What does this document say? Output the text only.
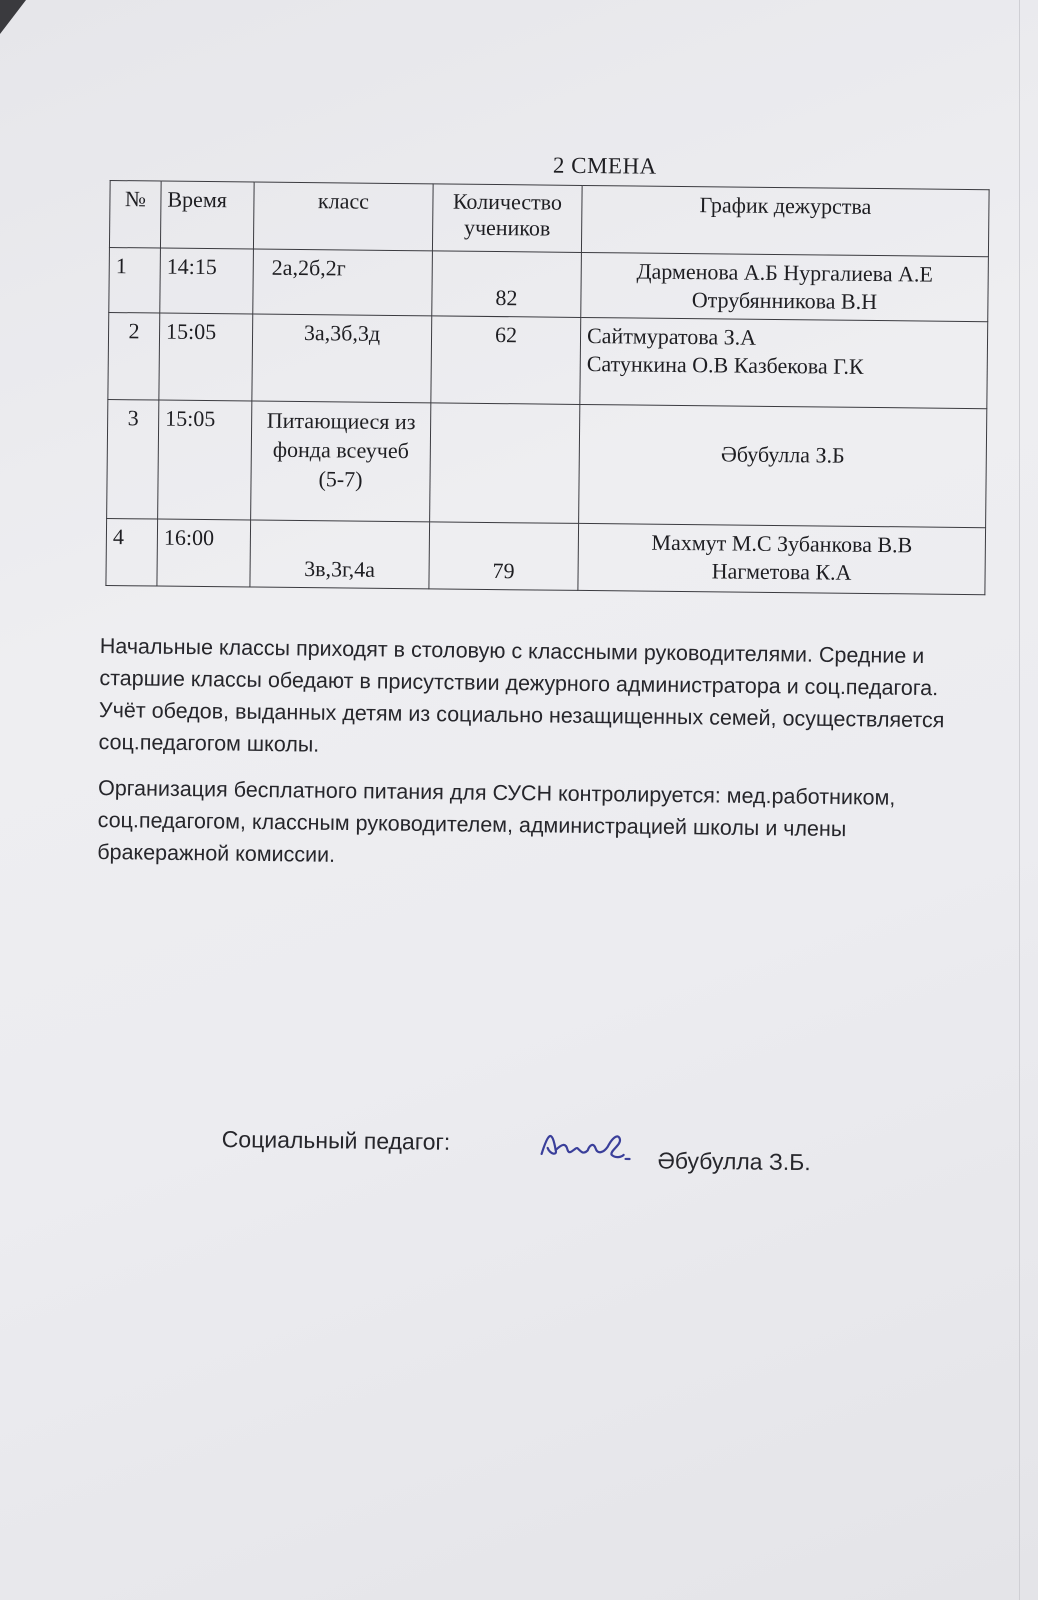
2 СМЕНА
№	Время	класс	Количество учеников	График дежурства
1	14:15	2а,2б,2г	82	Дарменова А.Б Нургалиева А.Е
Отрубянникова В.Н

2	15:05	3а,3б,3д	62	Сайтмуратова З.А
Сатункина О.В Казбекова Г.К

3	15:05	Питающиеся из фонда всеучеб (5-7)		Әбубулла З.Б

4	16:00	3в,3г,4а	79	Махмут М.С Зубанкова В.В
Нагметова К.А

Начальные классы приходят в столовую с классными руководителями. Средние и старшие классы обедают в присутствии дежурного администратора и соц.педагога. Учёт обедов, выданных детям из социально незащищенных семей, осуществляется соц.педагогом школы.

Организация бесплатного питания для СУСН контролируется: мед.работником, соц.педагогом, классным руководителем, администрацией школы и члены бракеражной комиссии.

Социальный педагог:
Әбубулла З.Б.
